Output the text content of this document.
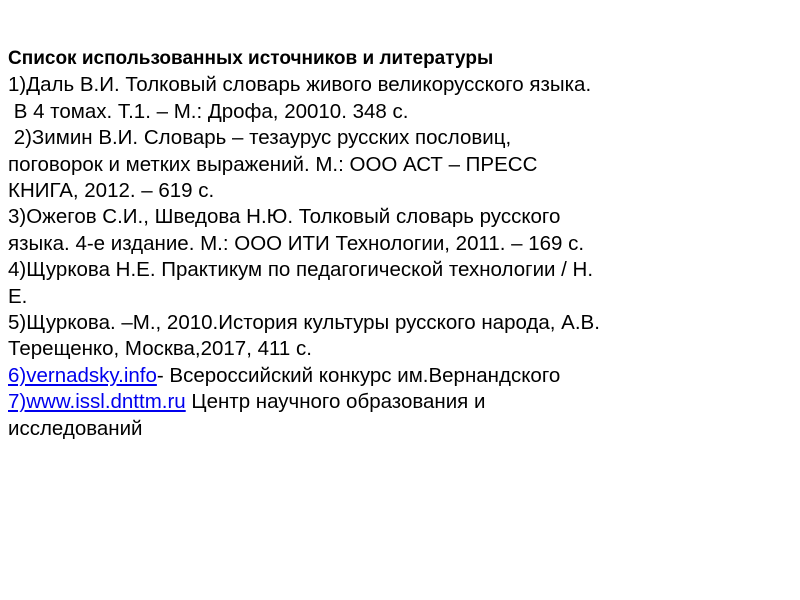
Список использованных источников и литературы
1)Даль В.И. Толковый словарь живого великорусского языка.
В 4 томах. Т.1. – М.: Дрофа, 20010. 348 с.
2)Зимин В.И. Словарь – тезаурус русских пословиц,
поговорок и метких выражений. М.: ООО АСТ – ПРЕСС
КНИГА, 2012. – 619 с.
3)Ожегов С.И., Шведова Н.Ю. Толковый словарь русского
языка. 4-е издание. М.: ООО ИТИ Технологии, 2011. – 169 с.
4)Щуркова Н.Е. Практикум по педагогической технологии / Н.
Е.
5)Щуркова. –М., 2010.История культуры русского народа, А.В.
Терещенко, Москва,2017, 411 с.
6)vernadsky.info- Всероссийский конкурс им.Вернандского
7)www.issl.dnttm.ru Центр научного образования и
исследований
